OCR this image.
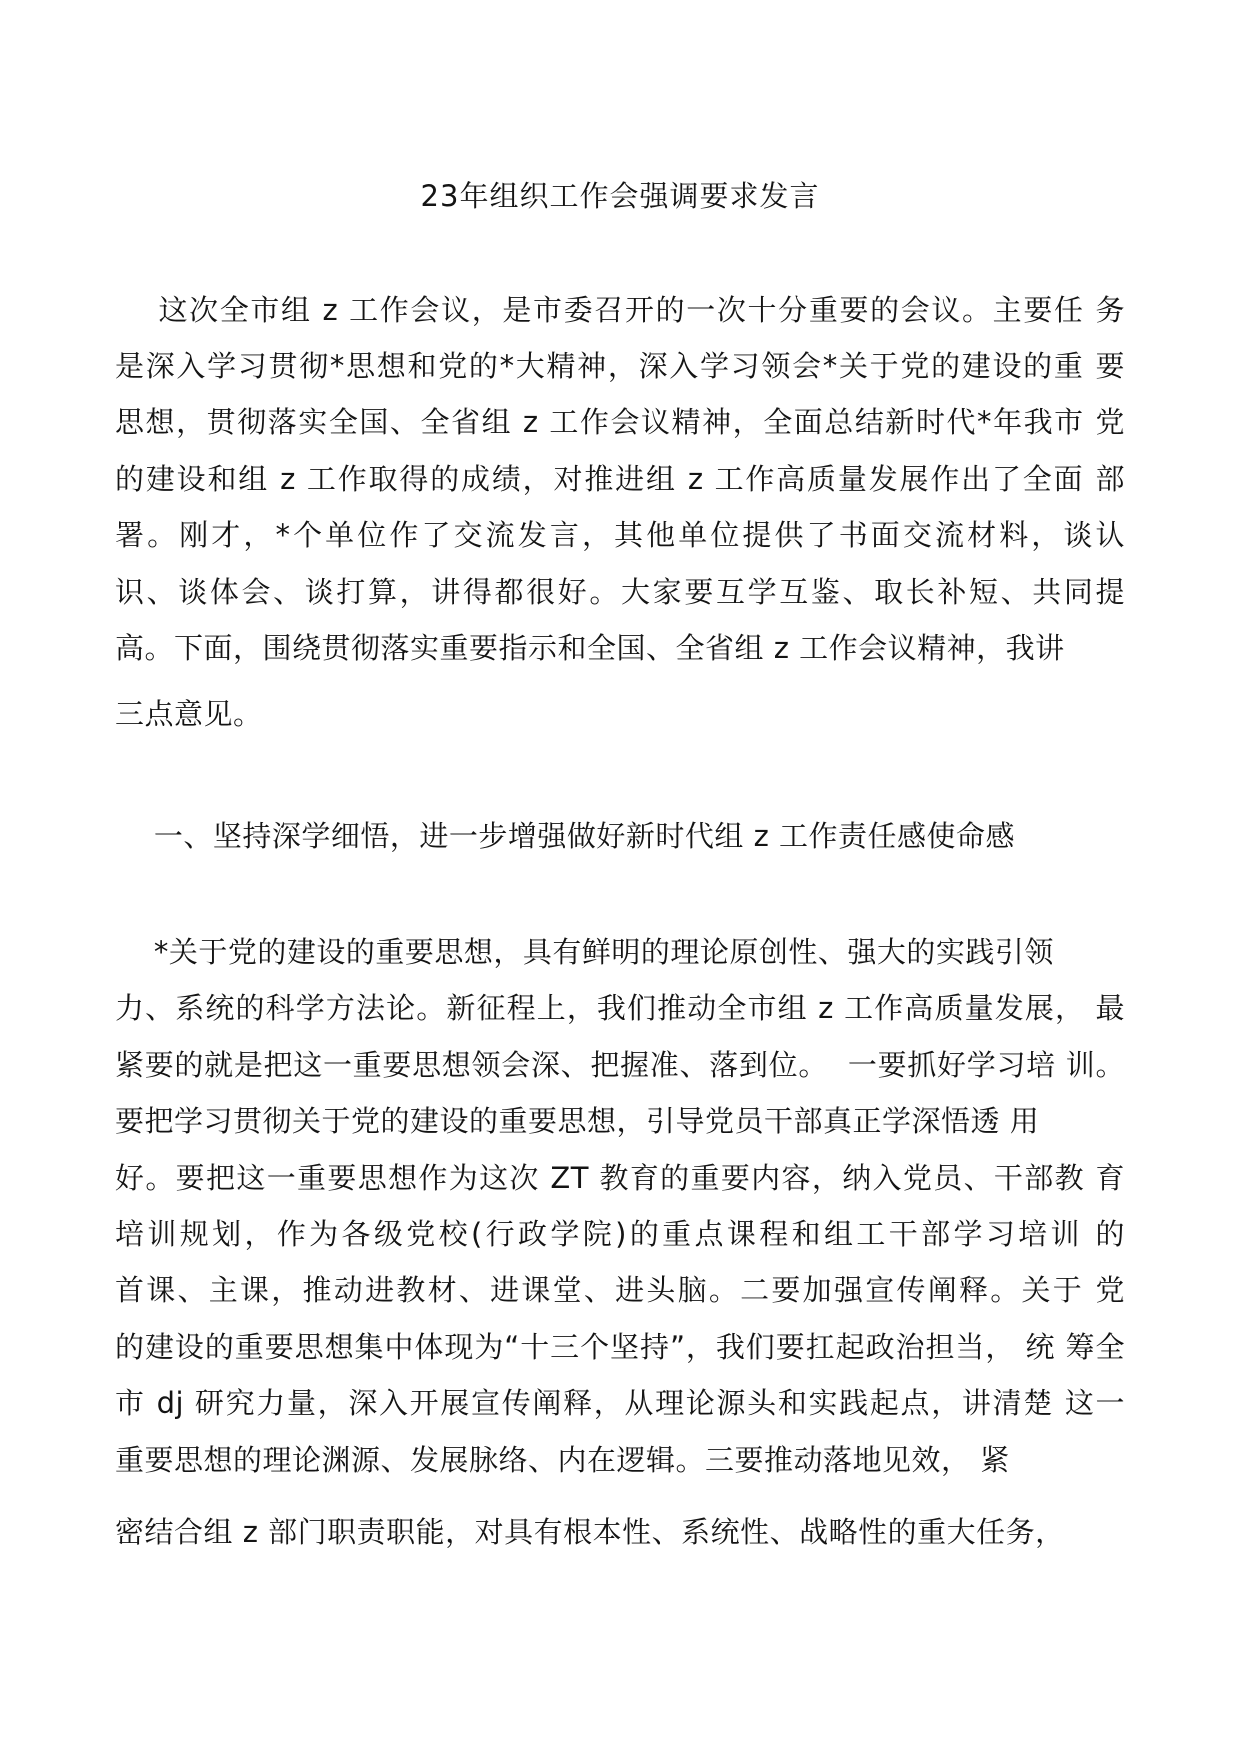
23年组织工作会强调要求发言
这次全市组 z 工作会议，是市委召开的一次十分重要的会议。主要任 务
是深入学习贯彻*思想和党的*大精神，深入学习领会*关于党的建设的重 要
思想，贯彻落实全国、全省组 z 工作会议精神，全面总结新时代*年我市 党
的建设和组 z 工作取得的成绩，对推进组 z 工作高质量发展作出了全面 部
署。刚才，*个单位作了交流发言，其他单位提供了书面交流材料，谈认
识、谈体会、谈打算，讲得都很好。大家要互学互鉴、取长补短、共同提
高。下面，围绕贯彻落实重要指示和全国、全省组 z 工作会议精神，我讲
三点意见。
一、坚持深学细悟，进一步增强做好新时代组 z 工作责任感使命感
*关于党的建设的重要思想，具有鲜明的理论原创性、强大的实践引领
力、系统的科学方法论。新征程上，我们推动全市组 z 工作高质量发展， 最
紧要的就是把这一重要思想领会深、把握准、落到位。  一要抓好学习培 训。
要把学习贯彻关于党的建设的重要思想，引导党员干部真正学深悟透 用
好。要把这一重要思想作为这次 ZT 教育的重要内容，纳入党员、干部教 育
培训规划，作为各级党校(行政学院)的重点课程和组工干部学习培训 的
首课、主课，推动进教材、进课堂、进头脑。二要加强宣传阐释。关于 党
的建设的重要思想集中体现为“十三个坚持”，我们要扛起政治担当， 统 筹全
市 dj 研究力量，深入开展宣传阐释，从理论源头和实践起点，讲清楚 这一
重要思想的理论渊源、发展脉络、内在逻辑。三要推动落地见效， 紧
密结合组 z 部门职责职能，对具有根本性、系统性、战略性的重大任务，
